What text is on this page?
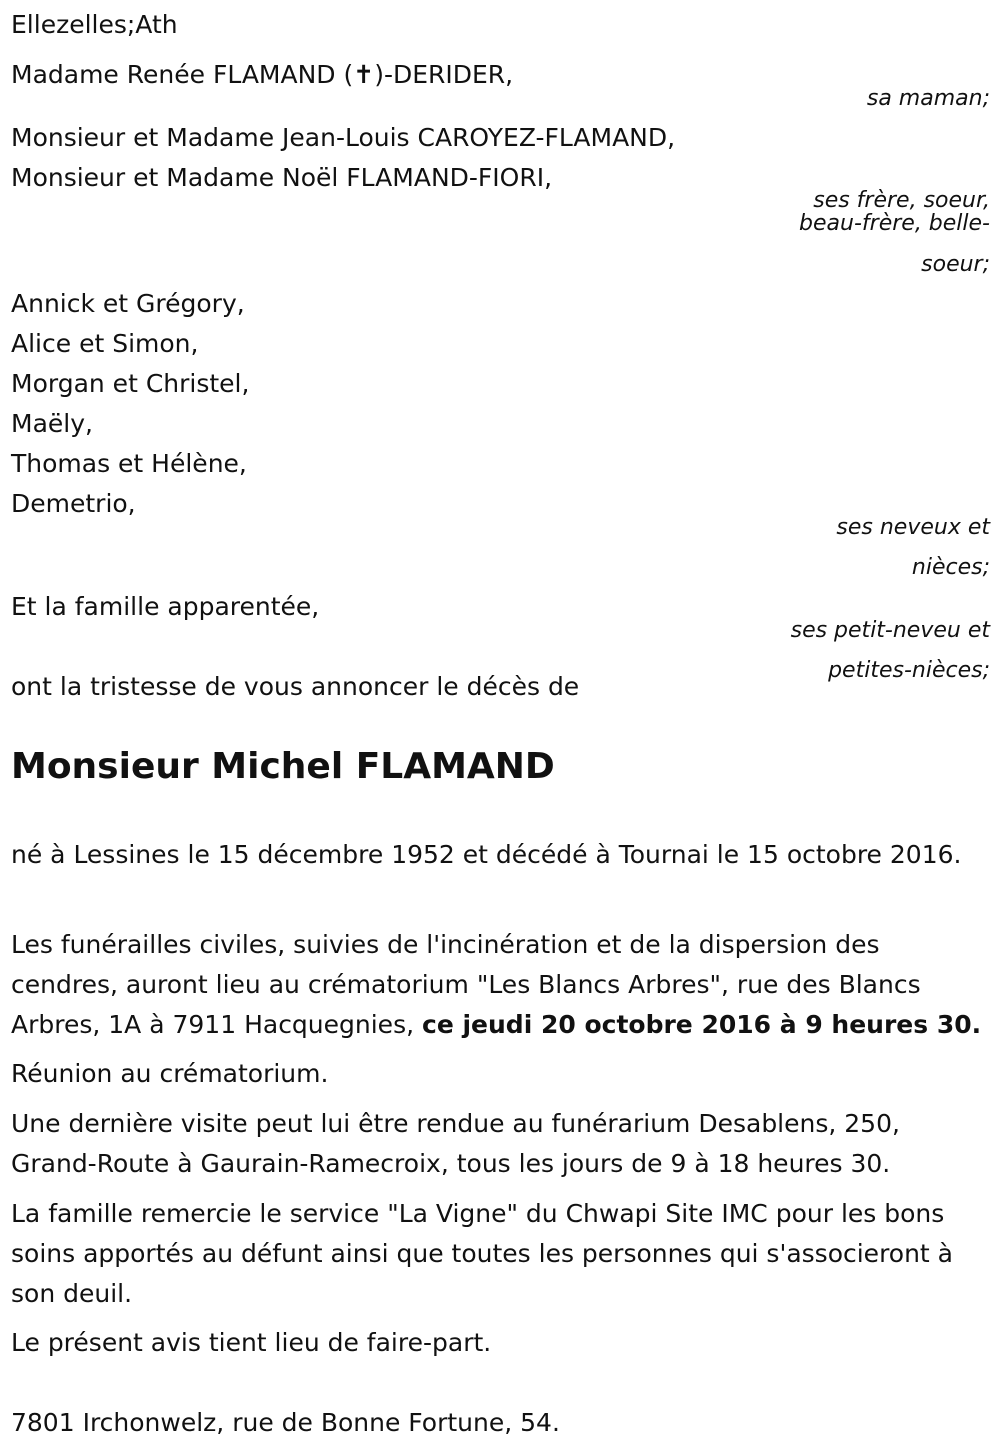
Ellezelles;Ath
Madame Renée FLAMAND (✝)-DERIDER,
sa maman;
Monsieur et Madame Jean-Louis CAROYEZ-FLAMAND,
Monsieur et Madame Noël FLAMAND-FIORI,
ses frère, soeur,
beau-frère, belle-
soeur;
Annick et Grégory,
Alice et Simon,
Morgan et Christel,
Maëly,
Thomas et Hélène,
Demetrio,
ses neveux et
nièces;
Et la famille apparentée,
ses petit-neveu et
petites-nièces;
ont la tristesse de vous annoncer le décès de
Monsieur Michel FLAMAND
né à Lessines le 15 décembre 1952 et décédé à Tournai le 15 octobre 2016.
Les funérailles civiles, suivies de l'incinération et de la dispersion des cendres, auront lieu au crématorium "Les Blancs Arbres", rue des Blancs Arbres, 1A à 7911 Hacquegnies, ce jeudi 20 octobre 2016 à 9 heures 30.
Réunion au crématorium.
Une dernière visite peut lui être rendue au funérarium Desablens, 250, Grand-Route à Gaurain-Ramecroix, tous les jours de 9 à 18 heures 30.
La famille remercie le service "La Vigne" du Chwapi Site IMC pour les bons soins apportés au défunt ainsi que toutes les personnes qui s'associeront à son deuil.
Le présent avis tient lieu de faire-part.
7801 Irchonwelz, rue de Bonne Fortune, 54.
